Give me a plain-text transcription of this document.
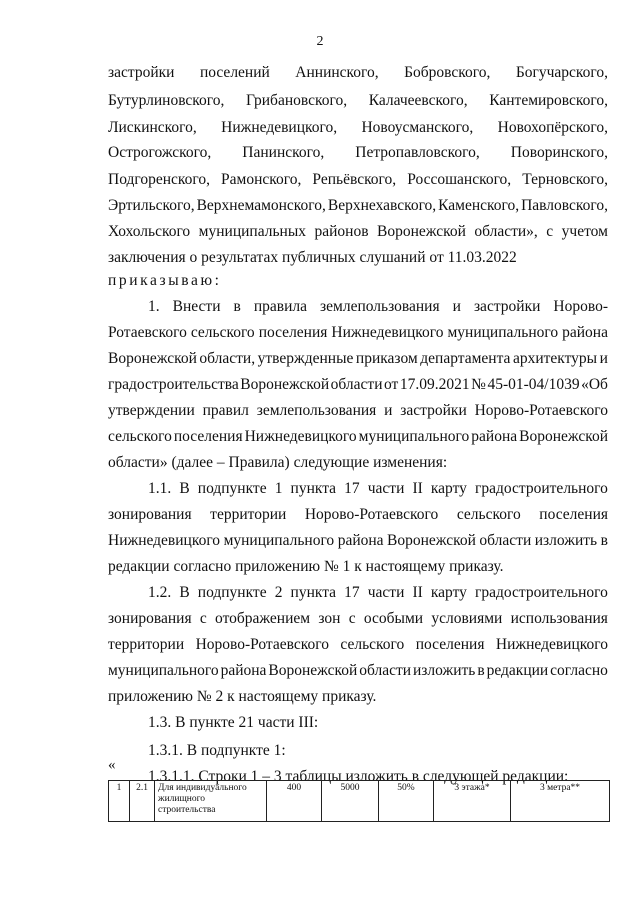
2
застройки поселений Аннинского, Бобровского, Богучарского,
Бутурлиновского, Грибановского, Калачеевского, Кантемировского,
Лискинского, Нижнедевицкого, Новоусманского, Новохопёрского,
Острогожского, Панинского, Петропавловского, Поворинского,
Подгоренского, Рамонского, Репьёвского, Россошанского, Терновского,
Эртильского, Верхнемамонского, Верхнехавского, Каменского, Павловского,
Хохольского муниципальных районов Воронежской области», с учетом
заключения о результатах публичных слушаний от 11.03.2022
приказываю:
1. Внести в правила землепользования и застройки Норово-
Ротаевского сельского поселения Нижнедевицкого муниципального района
Воронежской области, утвержденные приказом департамента архитектуры и
градостроительства Воронежской области от 17.09.2021 № 45-01-04/1039 «Об
утверждении правил землепользования и застройки Норово-Ротаевского
сельского поселения Нижнедевицкого муниципального района Воронежской
области» (далее – Правила) следующие изменения:
1.1. В подпункте 1 пункта 17 части II карту градостроительного
зонирования территории Норово-Ротаевского сельского поселения
Нижнедевицкого муниципального района Воронежской области изложить в
редакции согласно приложению № 1 к настоящему приказу.
1.2. В подпункте 2 пункта 17 части II карту градостроительного
зонирования с отображением зон с особыми условиями использования
территории Норово-Ротаевского сельского поселения Нижнедевицкого
муниципального района Воронежской области изложить в редакции согласно
приложению № 2 к настоящему приказу.
1.3. В пункте 21 части III:
1.3.1. В подпункте 1:
1.3.1.1. Строки 1 – 3 таблицы изложить в следующей редакции:
«
1	2.1	Для индивидуального жилищного строительства	400	5000	50%	3 этажа*	3 метра**
